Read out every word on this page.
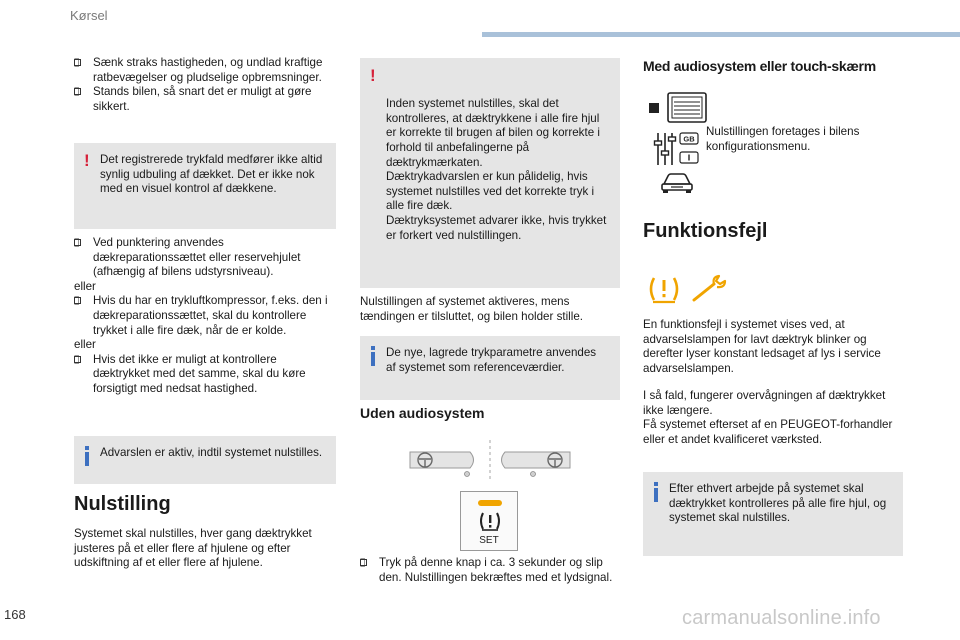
Kørsel

Sænk straks hastigheden, og undlad kraftige ratbevægelser og pludselige opbremsninger.

Stands bilen, så snart det er muligt at gøre sikkert.

! Det registrerede trykfald medfører ikke altid synlig udbuling af dækket. Det er ikke nok med en visuel kontrol af dækkene.

Ved punktering anvendes dækreparationssættet eller reservehjulet (afhængig af bilens udstyrsniveau).

eller

Hvis du har en trykluftkompressor, f.eks. den i dækreparationssættet, skal du kontrollere trykket i alle fire dæk, når de er kolde.

eller

Hvis det ikke er muligt at kontrollere dæktrykket med det samme, skal du køre forsigtigt med nedsat hastighed.

Advarslen er aktiv, indtil systemet nulstilles.
Nulstilling
Systemet skal nulstilles, hver gang dæktrykket justeres på et eller flere af hjulene og efter udskiftning af et eller flere af hjulene.

!

Inden systemet nulstilles, skal det kontrolleres, at dæktrykkene i alle fire hjul er korrekte til brugen af bilen og korrekte i forhold til anbefalingerne på dæktrykmærkaten.
Dæktrykadvarslen er kun pålidelig, hvis systemet nulstilles ved det korrekte tryk i alle fire dæk.
Dæktryksystemet advarer ikke, hvis trykket er forkert ved nulstillingen.

Nulstillingen af systemet aktiveres, mens tændingen er tilsluttet, og bilen holder stille.
De nye, lagrede trykparametre anvendes af systemet som referenceværdier.
Uden audiosystem
SET

Tryk på denne knap i ca. 3 sekunder og slip den. Nulstillingen bekræftes med et lydsignal.

Med audiosystem eller touch-skærm
GB
Nulstillingen foretages i bilens konfigurationsmenu.
Funktionsfejl
En funktionsfejl i systemet vises ved, at advarselslampen for lavt dæktryk blinker og derefter lyser konstant ledsaget af lys i service advarselslampen.
I så fald, fungerer overvågningen af dæktrykket ikke længere.
Få systemet efterset af en PEUGEOT-forhandler eller et andet kvalificeret værksted.
Efter ethvert arbejde på systemet skal dæktrykket kontrolleres på alle fire hjul, og systemet skal nulstilles.
168	carmanualsonline.info
